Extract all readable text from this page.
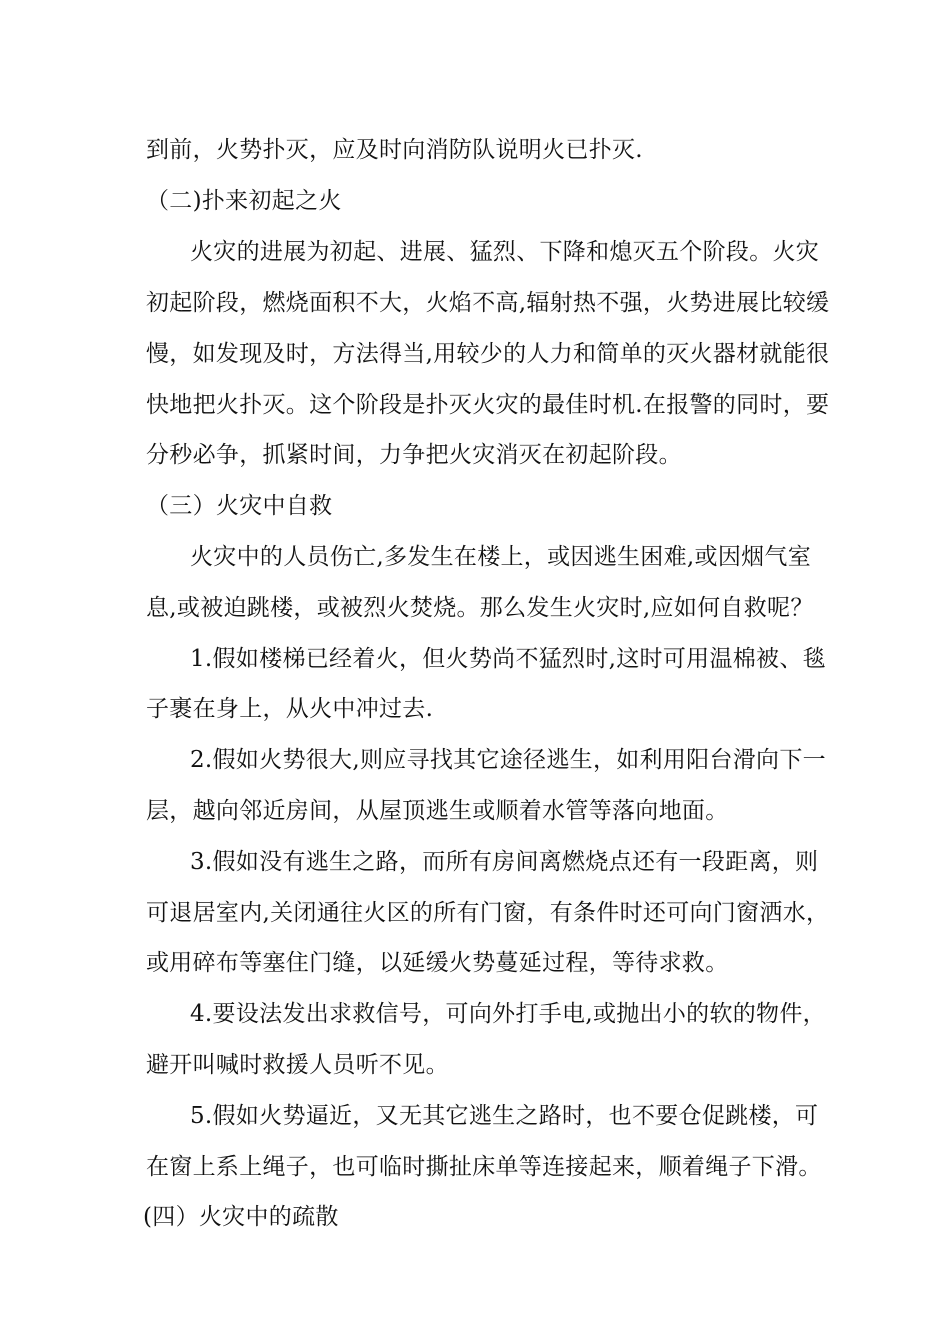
到前，火势扑灭，应及时向消防队说明火已扑灭.
（二)扑来初起之火
火灾的进展为初起、进展、猛烈、下降和熄灭五个阶段。火灾
初起阶段，燃烧面积不大，火焰不高,辐射热不强，火势进展比较缓
慢，如发现及时，方法得当,用较少的人力和简单的灭火器材就能很
快地把火扑灭。这个阶段是扑灭火灾的最佳时机.在报警的同时，要
分秒必争，抓紧时间，力争把火灾消灭在初起阶段。
（三）火灾中自救
火灾中的人员伤亡,多发生在楼上，或因逃生困难,或因烟气室
息,或被迫跳楼，或被烈火焚烧。那么发生火灾时,应如何自救呢？
1.假如楼梯已经着火，但火势尚不猛烈时,这时可用温棉被、毯
子裹在身上，从火中冲过去.
2.假如火势很大,则应寻找其它途径逃生，如利用阳台滑向下一
层，越向邻近房间，从屋顶逃生或顺着水管等落向地面。
3.假如没有逃生之路，而所有房间离燃烧点还有一段距离，则
可退居室内,关闭通往火区的所有门窗，有条件时还可向门窗洒水，
或用碎布等塞住门缝，以延缓火势蔓延过程，等待求救。
4.要设法发出求救信号，可向外打手电,或抛出小的软的物件，
避开叫喊时救援人员听不见。
5.假如火势逼近，又无其它逃生之路时，也不要仓促跳楼，可
在窗上系上绳子，也可临时撕扯床单等连接起来，顺着绳子下滑。
(四）火灾中的疏散
